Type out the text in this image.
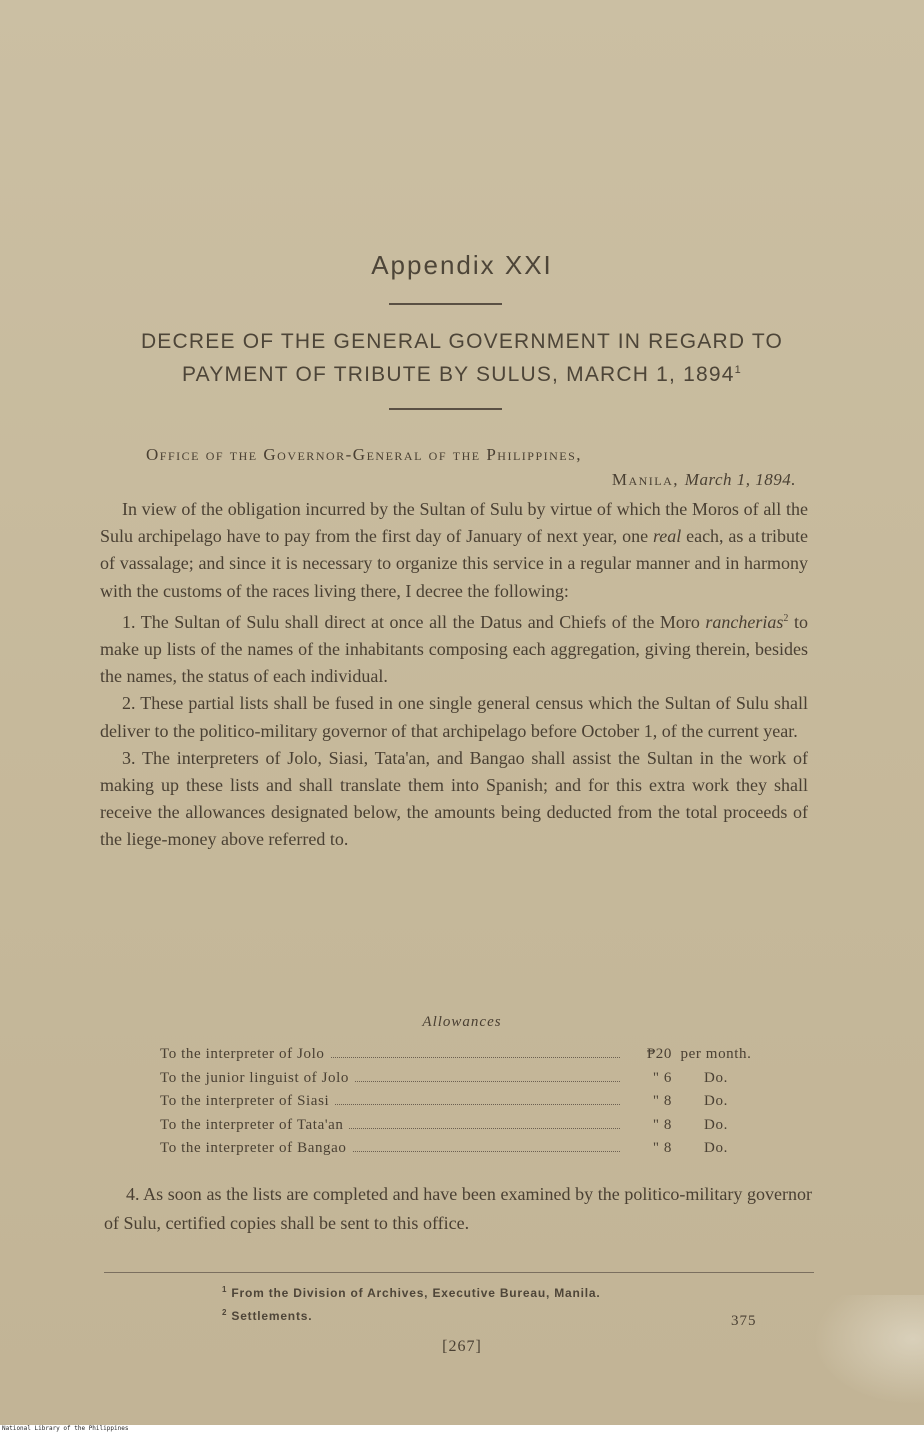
Appendix XXI
DECREE OF THE GENERAL GOVERNMENT IN REGARD TO
PAYMENT OF TRIBUTE BY SULUS, MARCH 1, 1894$^1$
Office of the Governor-General of the Philippines,
Manila, March 1, 1894.

In view of the obligation incurred by the Sultan of Sulu by virtue of which the Moros of all the Sulu archipelago have to pay from the first day of January of next year, one real each, as a tribute of vassalage; and since it is necessary to organize this service in a regular manner and in harmony with the customs of the races living there, I decree the following:

1. The Sultan of Sulu shall direct at once all the Datus and Chiefs of the Moro rancherias$^2$ to make up lists of the names of the inhabitants composing each aggregation, giving therein, besides the names, the status of each individual.

2. These partial lists shall be fused in one single general census which the Sultan of Sulu shall deliver to the politico-military governor of that archipelago before October 1, of the current year.

3. The interpreters of Jolo, Siasi, Tata'an, and Bangao shall assist the Sultan in the work of making up these lists and shall translate them into Spanish; and for this extra work they shall receive the allowances designated below, the amounts being deducted from the total proceeds of the liege-money above referred to.

Allowances
To the interpreter of Jolo	₱20 per month.
To the junior linguist of Jolo	" 6	Do.
To the interpreter of Siasi	" 8	Do.
To the interpreter of Tata'an	" 8	Do.
To the interpreter of Bangao	" 8	Do.

4. As soon as the lists are completed and have been examined by the politico-military governor of Sulu, certified copies shall be sent to this office.

$^1$ From the Division of Archives, Executive Bureau, Manila.
$^2$ Settlements.	375
[267]
National Library of the Philippines
